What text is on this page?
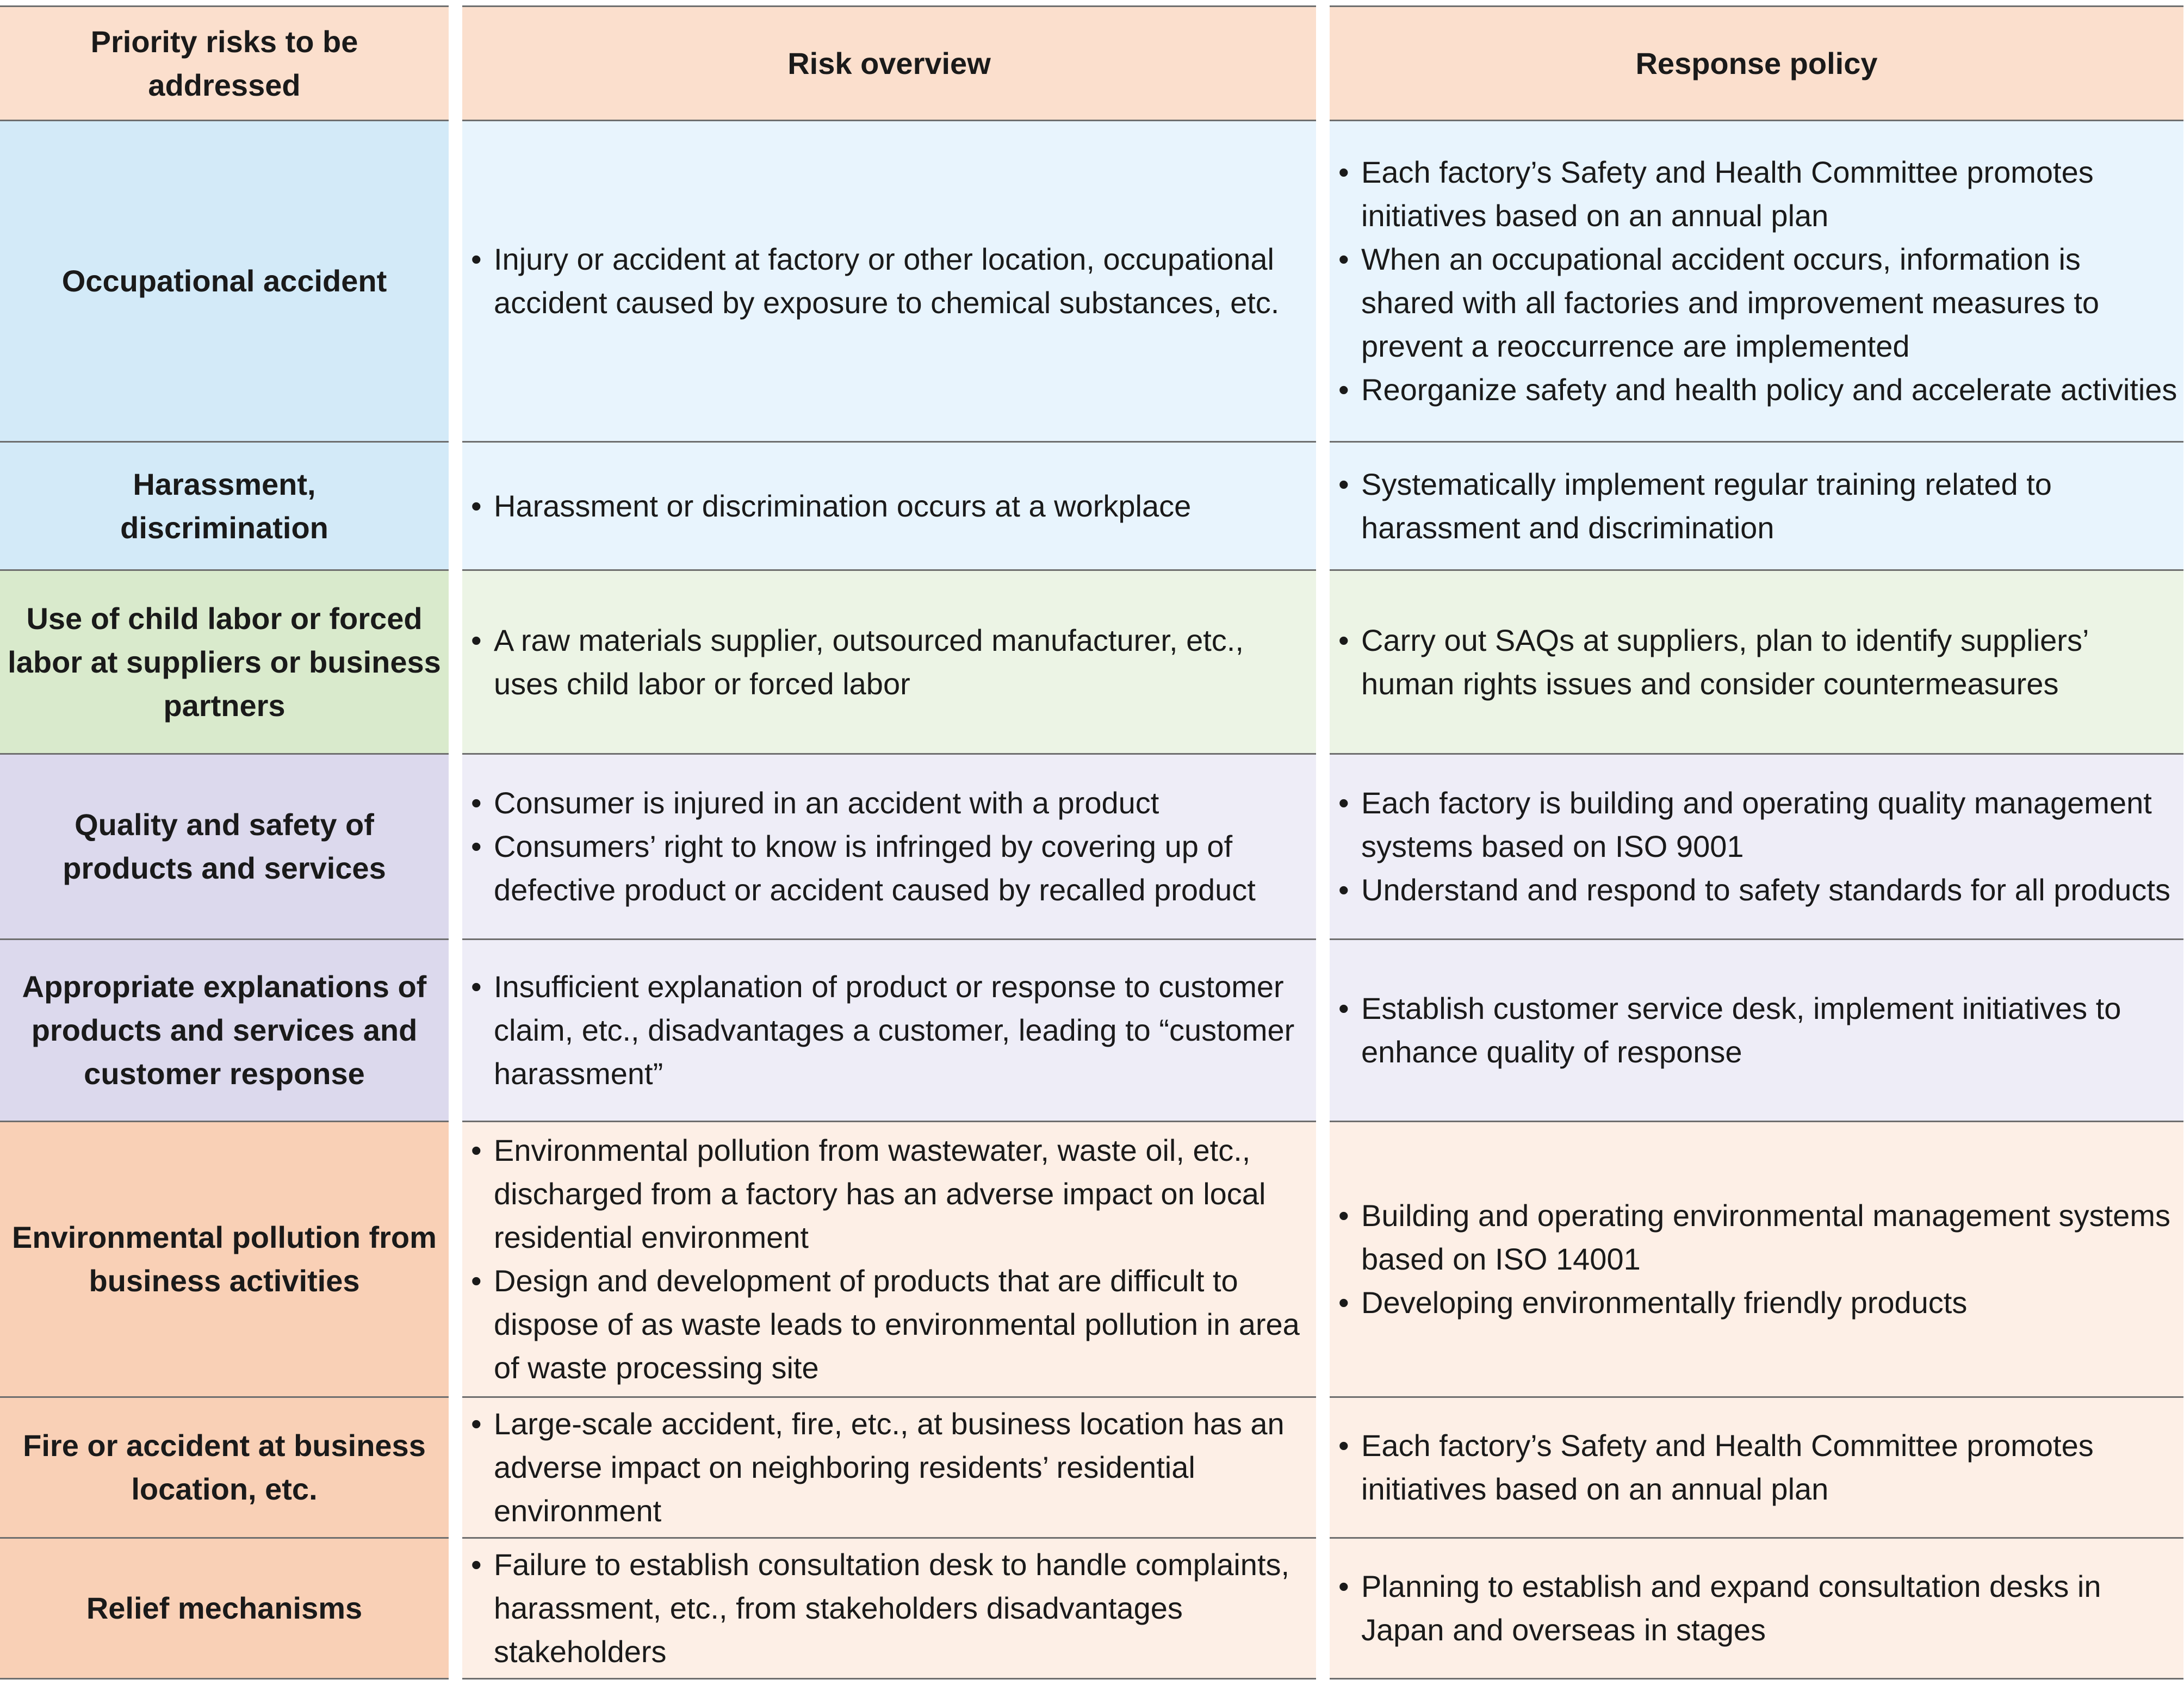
Priority risks to be addressed
Risk overview	Response policy
Occupational accident
• Injury or accident at factory or other location, occupational accident caused by exposure to chemical substances, etc.
• Each factory’s Safety and Health Committee promotes initiatives based on an annual plan
• When an occupational accident occurs, information is shared with all factories and improvement measures to prevent a reoccurrence are implemented
• Reorganize safety and health policy and accelerate activities
Harassment, discrimination
• Harassment or discrimination occurs at a workplace
• Systematically implement regular training related to harassment and discrimination
Use of child labor or forced labor at suppliers or business partners
• A raw materials supplier, outsourced manufacturer, etc., uses child labor or forced labor
• Carry out SAQs at suppliers, plan to identify suppliers’ human rights issues and consider countermeasures
Quality and safety of products and services
• Consumer is injured in an accident with a product
• Consumers’ right to know is infringed by covering up of defective product or accident caused by recalled product
• Each factory is building and operating quality management systems based on ISO 9001
• Understand and respond to safety standards for all products
Appropriate explanations of products and services and customer response
• Insufficient explanation of product or response to customer claim, etc., disadvantages a customer, leading to “customer harassment”
• Establish customer service desk, implement initiatives to enhance quality of response
Environmental pollution from business activities
• Environmental pollution from wastewater, waste oil, etc., discharged from a factory has an adverse impact on local residential environment
• Design and development of products that are difficult to dispose of as waste leads to environmental pollution in area of waste processing site
• Building and operating environmental management systems based on ISO 14001
• Developing environmentally friendly products
Fire or accident at business location, etc.
• Large-scale accident, fire, etc., at business location has an adverse impact on neighboring residents’ residential environment
• Each factory’s Safety and Health Committee promotes initiatives based on an annual plan
Relief mechanisms
• Failure to establish consultation desk to handle complaints, harassment, etc., from stakeholders disadvantages stakeholders
• Planning to establish and expand consultation desks in Japan and overseas in stages
